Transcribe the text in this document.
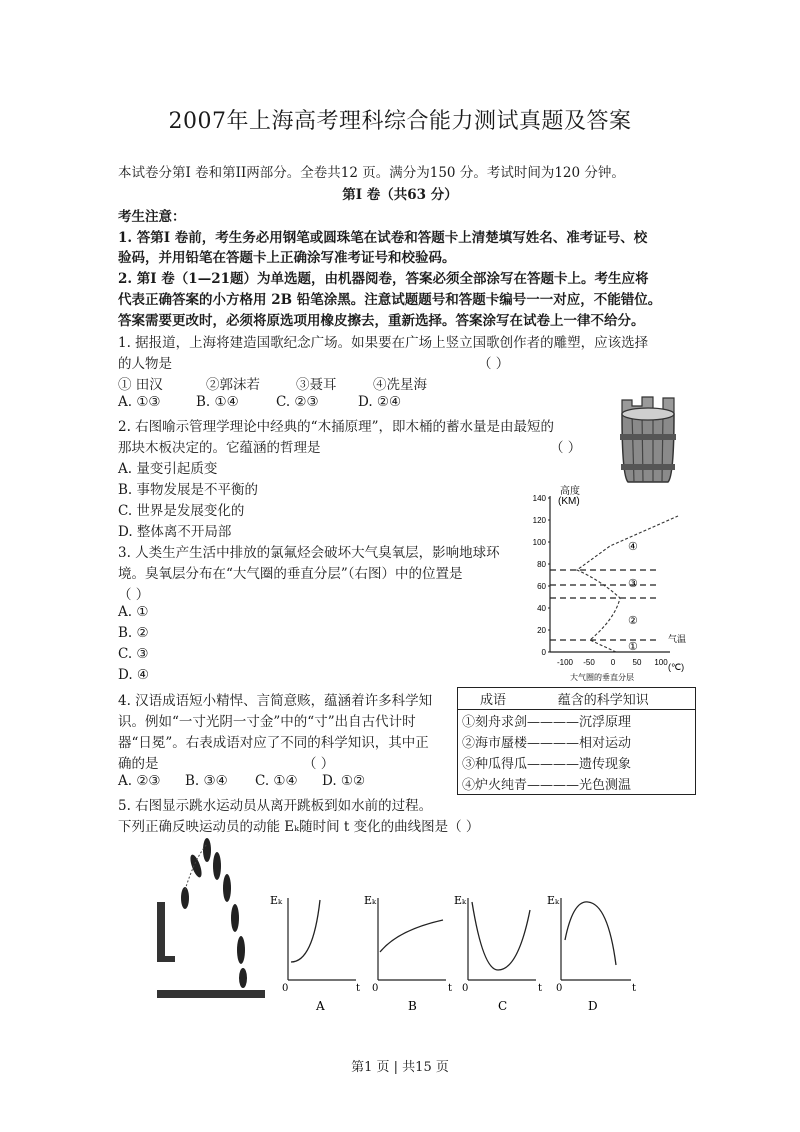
2007年上海高考理科综合能力测试真题及答案
本试卷分第Ⅰ 卷和第II两部分。全卷共12 页。满分为150 分。考试时间为120 分钟。
第Ⅰ 卷（共63 分）
考生注意：
1. 答第Ⅰ 卷前，考生务必用钢笔或圆珠笔在试卷和答题卡上清楚填写姓名、准考证号、校
验码，并用铅笔在答题卡上正确涂写准考证号和校验码。
2. 第Ⅰ 卷（1—21题）为单选题，由机器阅卷，答案必须全部涂写在答题卡上。考生应将
代表正确答案的小方格用 2B 铅笔涂黑。注意试题题号和答题卡编号一一对应，不能错位。
答案需要更改时，必须将原选项用橡皮擦去，重新选择。答案涂写在试卷上一律不给分。
1. 据报道，上海将建造国歌纪念广场。如果要在广场上竖立国歌创作者的雕塑，应该选择
的人物是	（ ）
① 田汉	②郭沫若	③聂耳	④冼星海
A. ①③	B. ①④	C. ②③	D. ②④
2. 右图喻示管理学理论中经典的“木捅原理”，即木桶的蓄水量是由最短的
那块木板决定的。它蕴涵的哲理是	（ ）
A. 量变引起质变
B. 事物发展是不平衡的
C. 世界是发展变化的
D. 整体离不开局部
高度
(KM)
140
120
100
80
60
40
20
0
-100 -50 0 50 100
④
③
②
①
气温
(℃)
大气圈的垂直分层
3. 人类生产生活中排放的氯氟烃会破坏大气臭氧层，影响地球环
境。臭氧层分布在“大气圈的垂直分层”（右图）中的位置是
（ ）
A. ①
B. ②
C. ③
D. ④
4. 汉语成语短小精悍、言简意赅，蕴涵着许多科学知
识。例如“一寸光阴一寸金”中的“寸”出自古代计时
器“日冕”。右表成语对应了不同的科学知识，其中正
确的是	（ ）
A. ②③ B. ③④ C. ①④ D. ①②
成语	蕴含的科学知识
①刻舟求剑————沉浮原理
②海市蜃楼————相对运动
③种瓜得瓜————遗传现象
④炉火纯青————光色测温
5. 右图显示跳水运动员从离开跳板到如水前的过程。
下列正确反映运动员的动能 Eₖ随时间 t 变化的曲线图是（ ）
Eₖ
0	t
A
Eₖ
0	t
B
Eₖ
0	t
C
Eₖ
0	t
D
第1 页 | 共15 页
